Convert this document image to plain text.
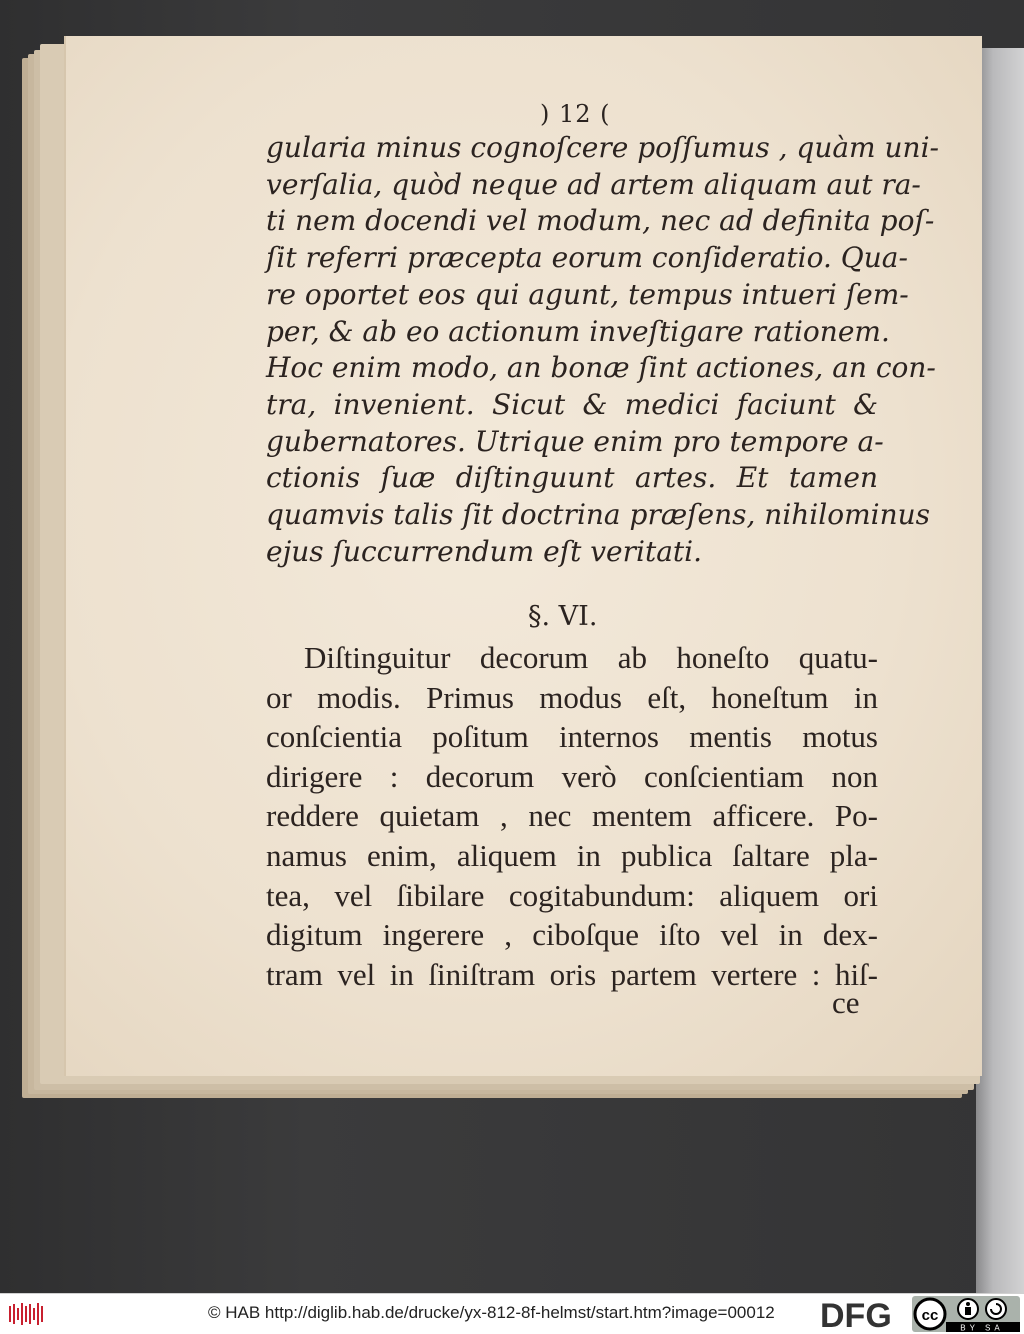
) 12 (
gularia minus cognoſcere poſſumus , quàm uni-
verſalia, quòd neque ad artem aliquam aut ra-
ti nem docendi vel modum, nec ad definita poſ-
ſit referri præcepta eorum conſideratio. Qua-
re oportet eos qui agunt, tempus intueri ſem-
per, & ab eo actionum inveſtigare rationem.
Hoc enim modo, an bonæ ſint actiones, an con-
tra, invenient. Sicut & medici faciunt &
gubernatores. Utrique enim pro tempore a-
ctionis ſuæ diſtinguunt artes. Et tamen
quamvis talis ſit doctrina præſens, nihilominus
ejus ſuccurrendum eſt veritati.
§. VI.
Diſtinguitur decorum ab honeſto quatu-
or modis. Primus modus eſt, honeſtum in
conſcientia poſitum internos mentis motus
dirigere : decorum verò conſcientiam non
reddere quietam , nec mentem afficere. Po-
namus enim, aliquem in publica ſaltare pla-
tea, vel ſibilare cogitabundum: aliquem ori
digitum ingerere , ciboſque iſto vel in dex-
tram vel in ſiniſtram oris partem vertere : hiſ-
ce
© HAB http://diglib.hab.de/drucke/yx-812-8f-helmst/start.htm?image=00012 DFG cc
BY SA
